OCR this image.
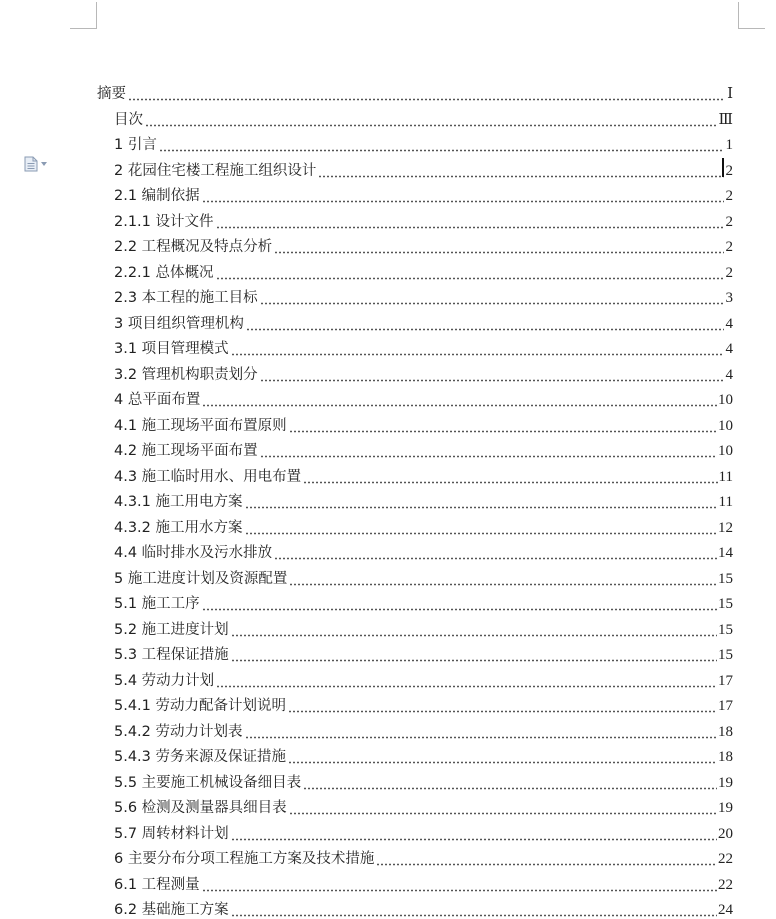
摘要	Ⅰ
目次	Ⅲ
1 引言	1
2 花园住宅楼工程施工组织设计	2
2.1 编制依据	2
2.1.1 设计文件	2
2.2 工程概况及特点分析	2
2.2.1 总体概况	2
2.3 本工程的施工目标	3
3 项目组织管理机构	4
3.1 项目管理模式	4
3.2 管理机构职责划分	4
4 总平面布置	10
4.1 施工现场平面布置原则	10
4.2 施工现场平面布置	10
4.3 施工临时用水、用电布置	11
4.3.1 施工用电方案	11
4.3.2 施工用水方案	12
4.4 临时排水及污水排放	14
5 施工进度计划及资源配置	15
5.1 施工工序	15
5.2 施工进度计划	15
5.3 工程保证措施	15
5.4 劳动力计划	17
5.4.1 劳动力配备计划说明	17
5.4.2 劳动力计划表	18
5.4.3 劳务来源及保证措施	18
5.5 主要施工机械设备细目表	19
5.6 检测及测量器具细目表	19
5.7 周转材料计划	20
6 主要分布分项工程施工方案及技术措施	22
6.1 工程测量	22
6.2 基础施工方案	24
